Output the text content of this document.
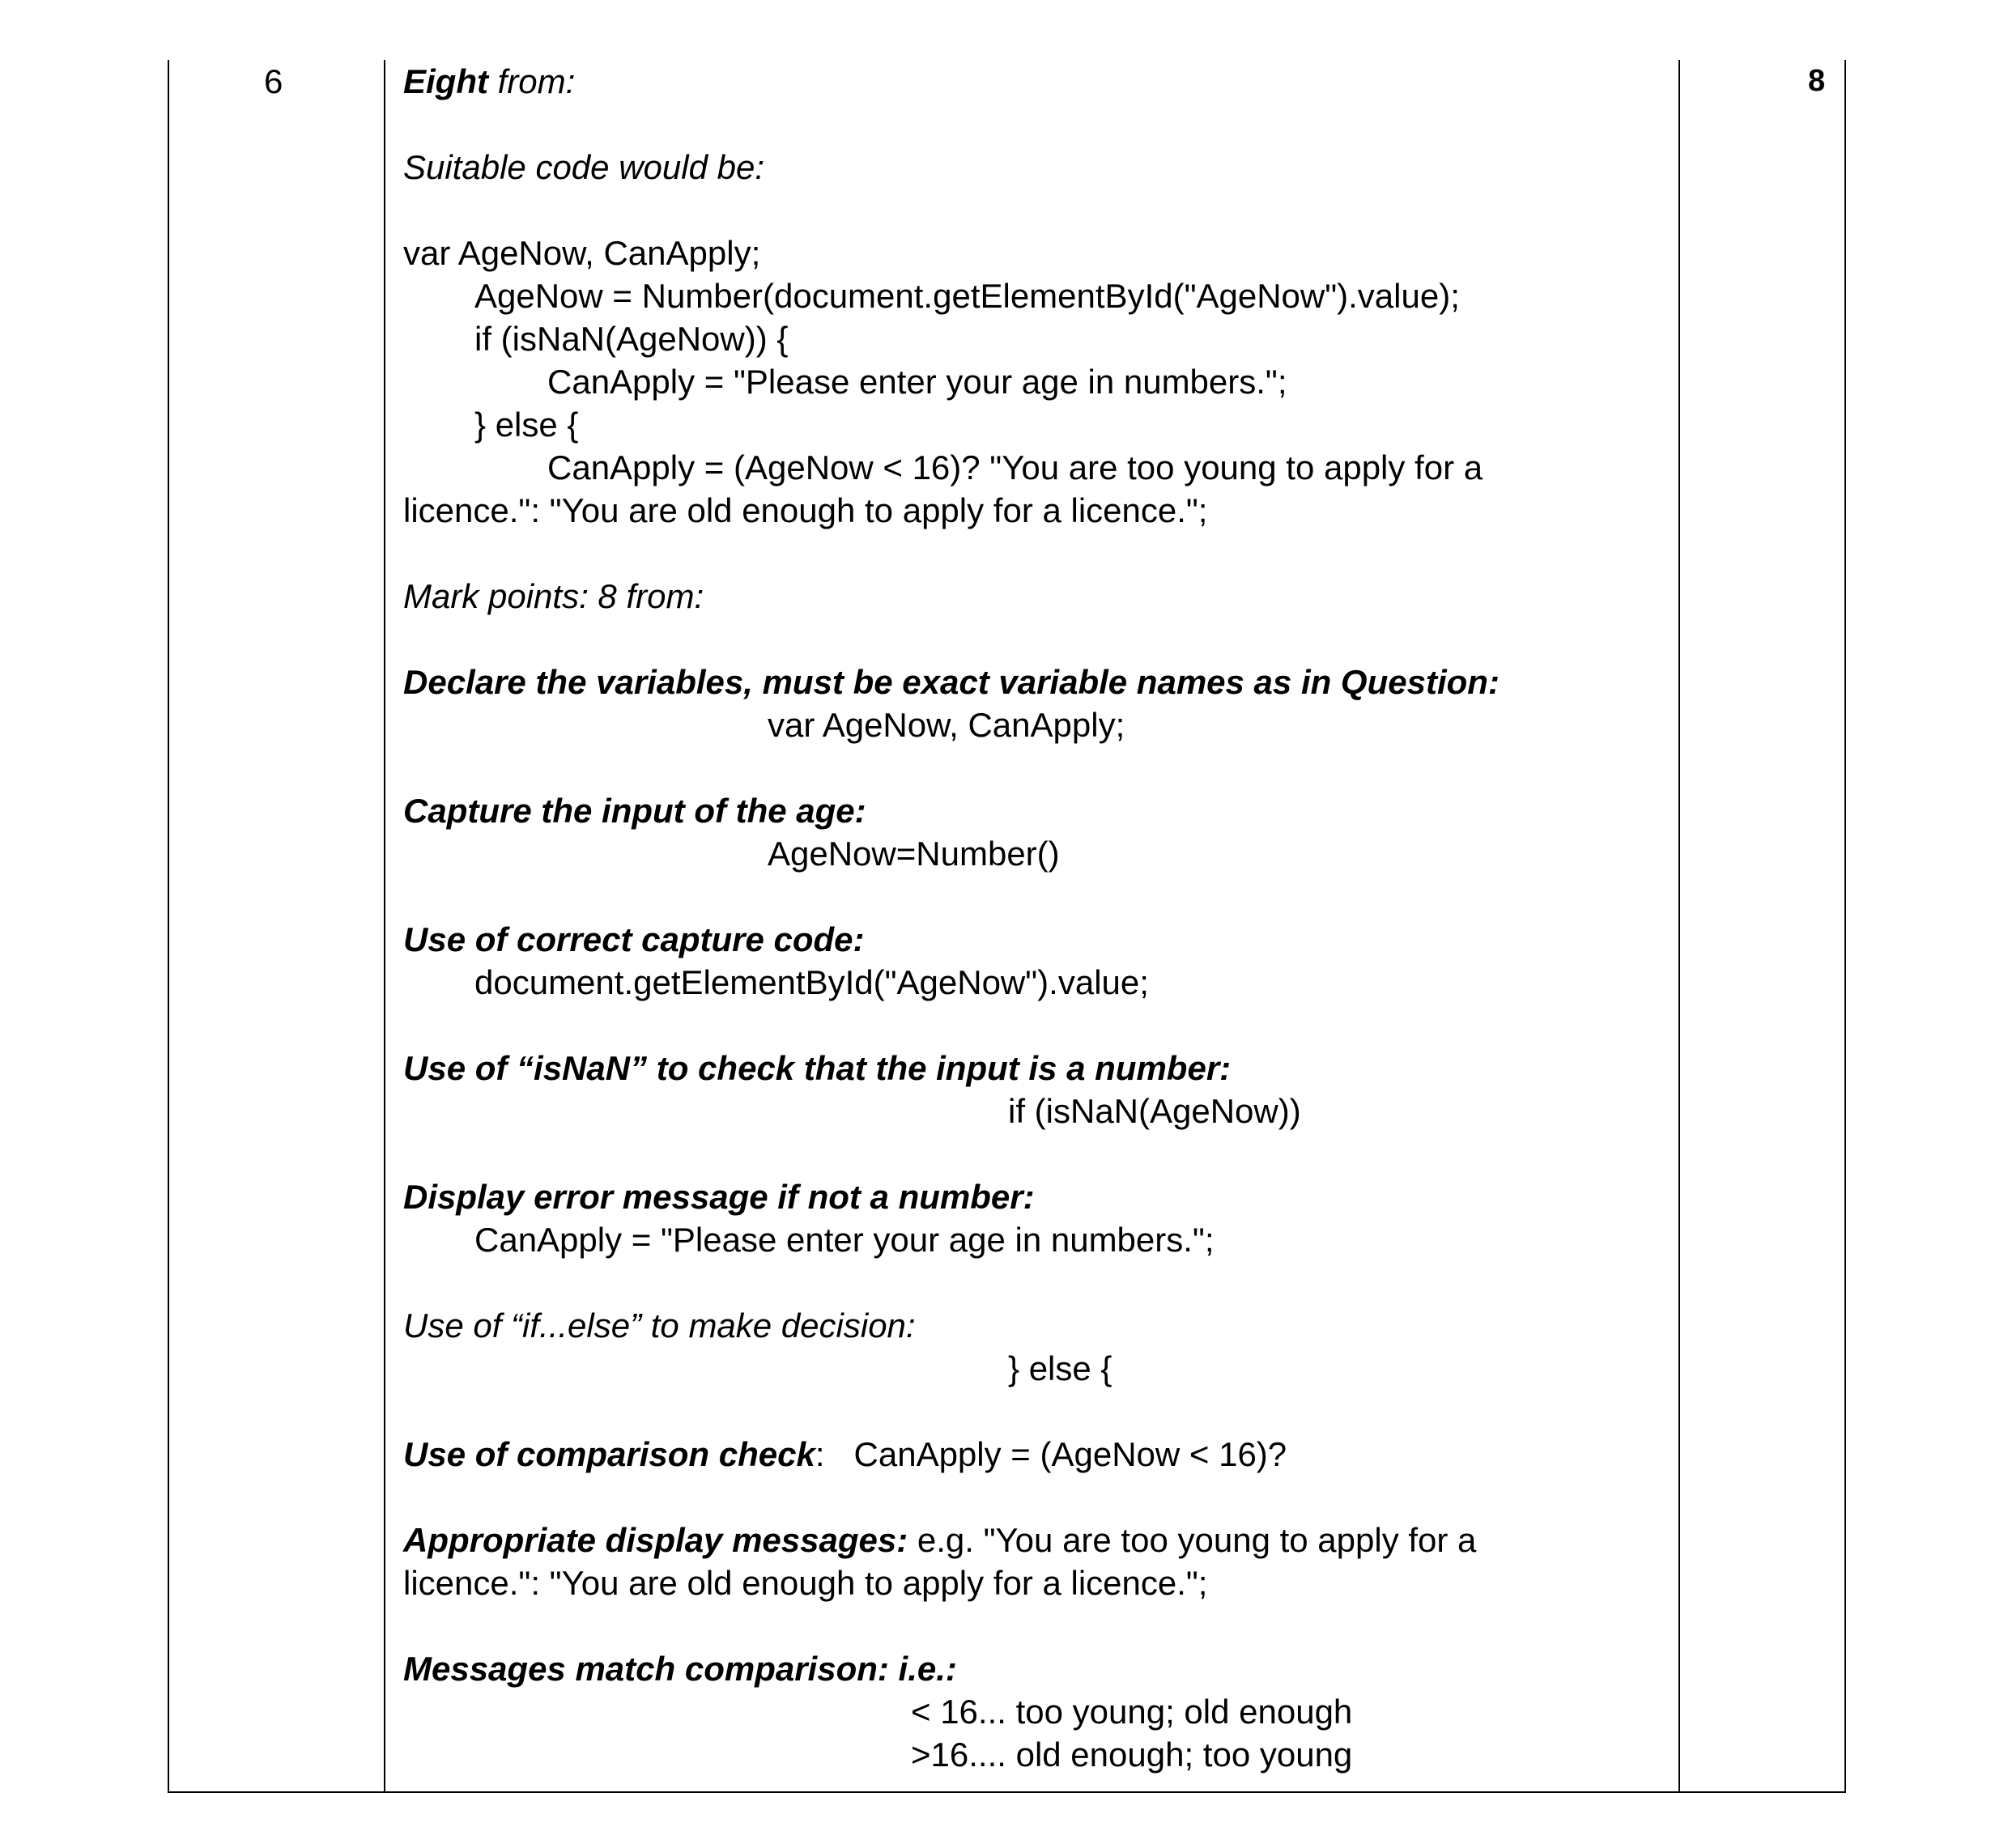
6	8
Eight from:
Suitable code would be:
var AgeNow, CanApply;
AgeNow = Number(document.getElementById("AgeNow").value);
if (isNaN(AgeNow)) {
CanApply = "Please enter your age in numbers.";
} else {
CanApply = (AgeNow < 16)? "You are too young to apply for a
licence.": "You are old enough to apply for a licence.";
Mark points: 8 from:
Declare the variables, must be exact variable names as in Question:
var AgeNow, CanApply;
Capture the input of the age:
AgeNow=Number()
Use of correct capture code:
document.getElementById("AgeNow").value;
Use of “isNaN” to check that the input is a number:
if (isNaN(AgeNow))
Display error message if not a number:
CanApply = "Please enter your age in numbers.";
Use of “if...else” to make decision:
} else {
Use of comparison check: CanApply = (AgeNow < 16)?
Appropriate display messages: e.g. "You are too young to apply for a
licence.": "You are old enough to apply for a licence.";
Messages match comparison: i.e.:
< 16... too young; old enough
>16.... old enough; too young
